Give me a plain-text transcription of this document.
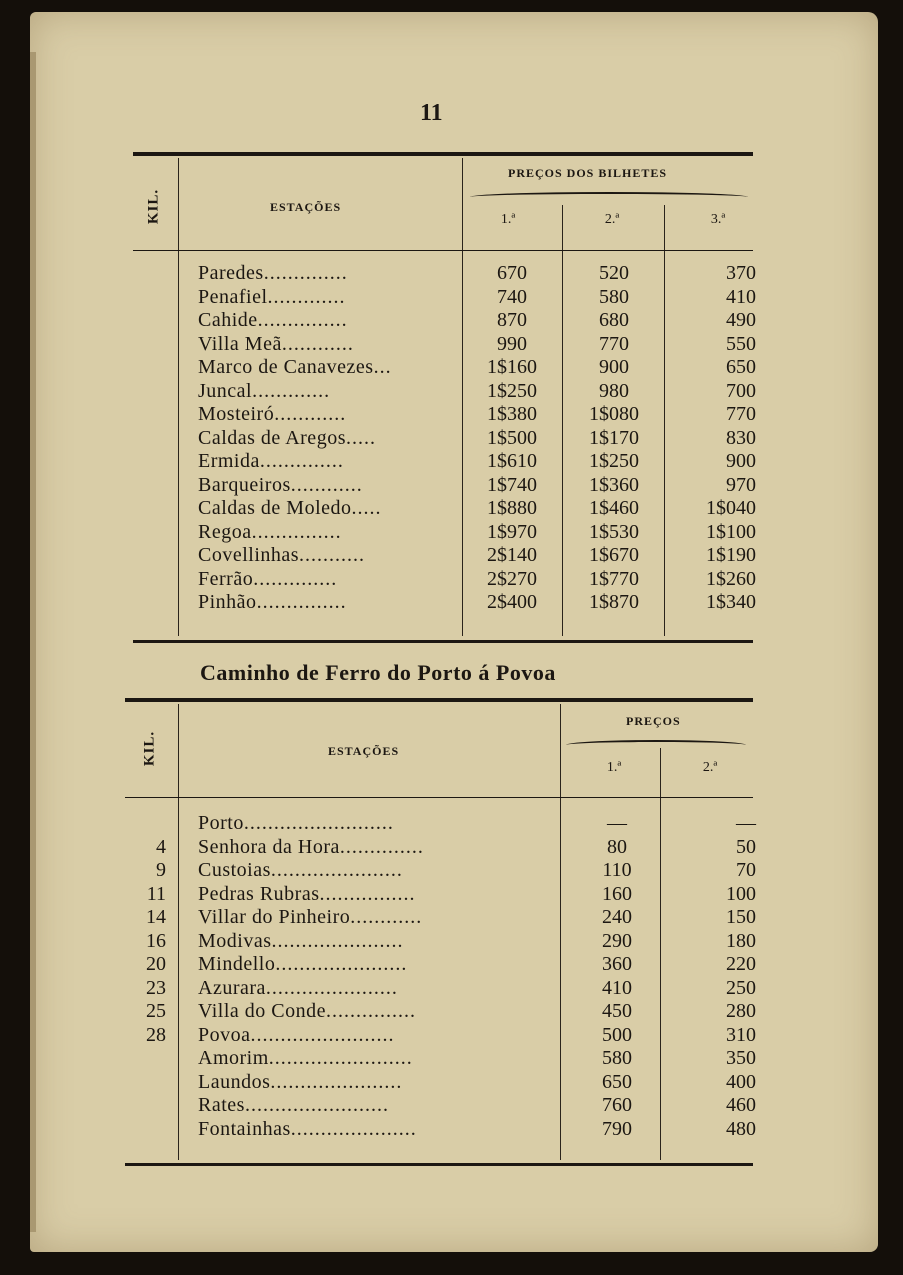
11
KIL.	ESTAÇÕES
PREÇOS DOS BILHETES
1.ª	2.ª	3.ª
Paredes..............	670	520	370
Penafiel.............	740	580	410
Cahide...............	870	680	490
Villa Meã............	990	770	550
Marco de Canavezes...	1$160	900	650
Juncal.............	1$250	980	700
Mosteiró............	1$380	1$080	770
Caldas de Aregos.....	1$500	1$170	830
Ermida..............	1$610	1$250	900
Barqueiros............	1$740	1$360	970
Caldas de Moledo.....	1$880	1$460	1$040
Regoa...............	1$970	1$530	1$100
Covellinhas...........	2$140	1$670	1$190
Ferrão..............	2$270	1$770	1$260
Pinhão...............	2$400	1$870	1$340
Caminho de Ferro do Porto á Povoa
KIL.	ESTAÇÕES
PREÇOS
1.ª	2.ª
Porto.........................	—	—
4 Senhora da Hora..............	80	50
9 Custoias......................	110	70
11 Pedras Rubras................	160	100
14 Villar do Pinheiro............	240	150
16 Modivas......................	290	180
20 Mindello......................	360	220
23 Azurara......................	410	250
25 Villa do Conde...............	450	280
28 Povoa........................	500	310
Amorim........................	580	350
Laundos......................	650	400
Rates........................	760	460
Fontainhas.....................	790	480
